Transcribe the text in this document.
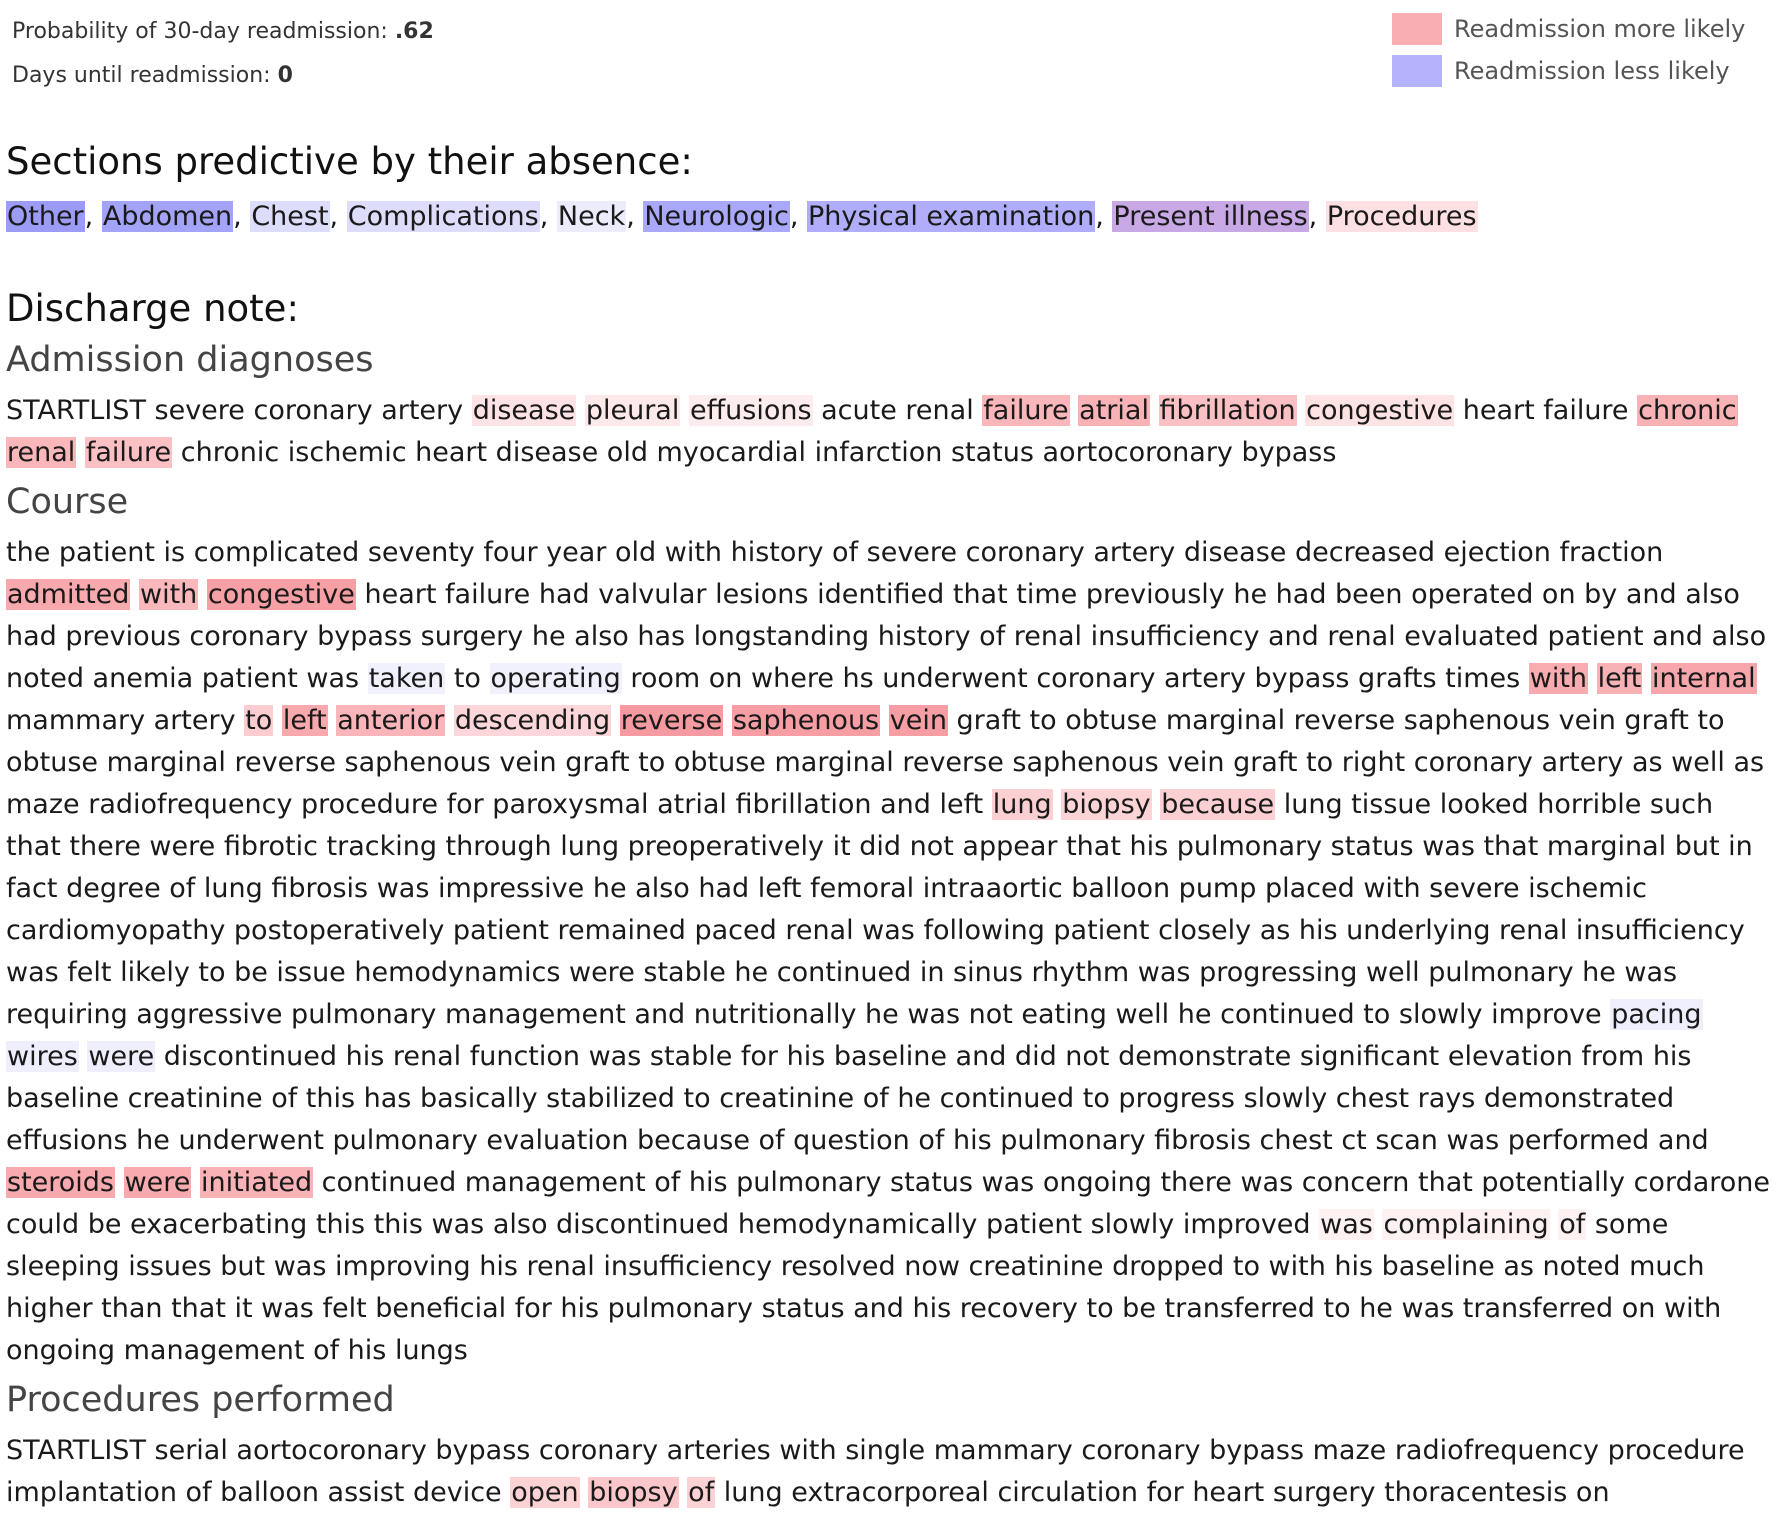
Probability of 30-day readmission: .62
Days until readmission: 0
Readmission more likely
Readmission less likely
Sections predictive by their absence:
Other, Abdomen, Chest, Complications, Neck, Neurologic, Physical examination, Present illness, Procedures
Discharge note:
Admission diagnoses
STARTLIST severe coronary artery disease pleural effusions acute renal failure atrial fibrillation congestive heart failure chronic renal failure chronic ischemic heart disease old myocardial infarction status aortocoronary bypass
Course
the patient is complicated seventy four year old with history of severe coronary artery disease decreased ejection fraction admitted with congestive heart failure had valvular lesions identified that time previously he had been operated on by and also had previous coronary bypass surgery he also has longstanding history of renal insufficiency and renal evaluated patient and also noted anemia patient was taken to operating room on where hs underwent coronary artery bypass grafts times with left internal mammary artery to left anterior descending reverse saphenous vein graft to obtuse marginal reverse saphenous vein graft to obtuse marginal reverse saphenous vein graft to obtuse marginal reverse saphenous vein graft to right coronary artery as well as maze radiofrequency procedure for paroxysmal atrial fibrillation and left lung biopsy because lung tissue looked horrible such that there were fibrotic tracking through lung preoperatively it did not appear that his pulmonary status was that marginal but in fact degree of lung fibrosis was impressive he also had left femoral intraaortic balloon pump placed with severe ischemic cardiomyopathy postoperatively patient remained paced renal was following patient closely as his underlying renal insufficiency was felt likely to be issue hemodynamics were stable he continued in sinus rhythm was progressing well pulmonary he was requiring aggressive pulmonary management and nutritionally he was not eating well he continued to slowly improve pacing wires were discontinued his renal function was stable for his baseline and did not demonstrate significant elevation from his baseline creatinine of this has basically stabilized to creatinine of he continued to progress slowly chest rays demonstrated effusions he underwent pulmonary evaluation because of question of his pulmonary fibrosis chest ct scan was performed and steroids were initiated continued management of his pulmonary status was ongoing there was concern that potentially cordarone could be exacerbating this this was also discontinued hemodynamically patient slowly improved was complaining of some sleeping issues but was improving his renal insufficiency resolved now creatinine dropped to with his baseline as noted much higher than that it was felt beneficial for his pulmonary status and his recovery to be transferred to he was transferred on with ongoing management of his lungs
Procedures performed
STARTLIST serial aortocoronary bypass coronary arteries with single mammary coronary bypass maze radiofrequency procedure implantation of balloon assist device open biopsy of lung extracorporeal circulation for heart surgery thoracentesis on
